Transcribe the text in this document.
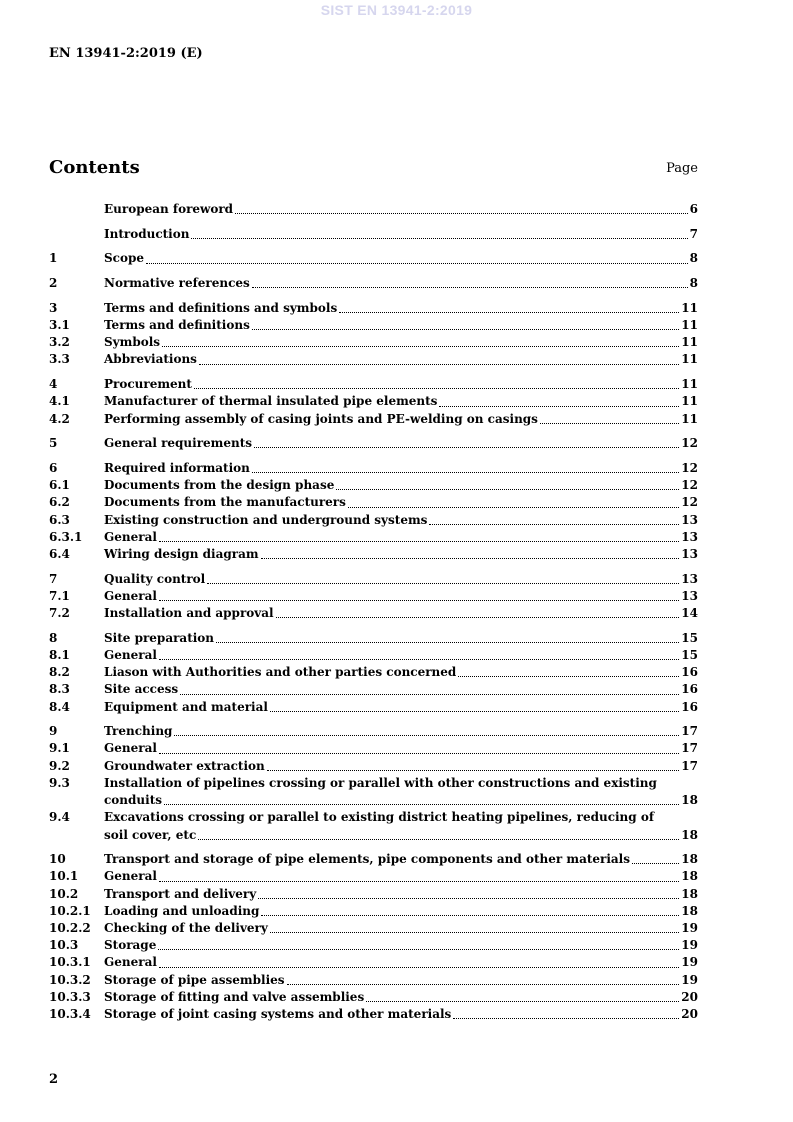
SIST EN 13941-2:2019
EN 13941-2:2019 (E)
Contents	Page
European foreword	6
Introduction	7
1	Scope	8
2	Normative references	8
3	Terms and definitions and symbols	11
3.1	Terms and definitions	11
3.2	Symbols	11
3.3	Abbreviations	11
4	Procurement	11
4.1	Manufacturer of thermal insulated pipe elements	11
4.2	Performing assembly of casing joints and PE-welding on casings	11
5	General requirements	12
6	Required information	12
6.1	Documents from the design phase	12
6.2	Documents from the manufacturers	12
6.3	Existing construction and underground systems	13
6.3.1	General	13
6.4	Wiring design diagram	13
7	Quality control	13
7.1	General	13
7.2	Installation and approval	14
8	Site preparation	15
8.1	General	15
8.2	Liason with Authorities and other parties concerned	16
8.3	Site access	16
8.4	Equipment and material	16
9	Trenching	17
9.1	General	17
9.2	Groundwater extraction	17
9.3	Installation of pipelines crossing or parallel with other constructions and existing
conduits	18
9.4	Excavations crossing or parallel to existing district heating pipelines, reducing of
soil cover, etc	18
10	Transport and storage of pipe elements, pipe components and other materials	18
10.1	General	18
10.2	Transport and delivery	18
10.2.1	Loading and unloading	18
10.2.2	Checking of the delivery	19
10.3	Storage	19
10.3.1	General	19
10.3.2	Storage of pipe assemblies	19
10.3.3	Storage of fitting and valve assemblies	20
10.3.4	Storage of joint casing systems and other materials	20
2
